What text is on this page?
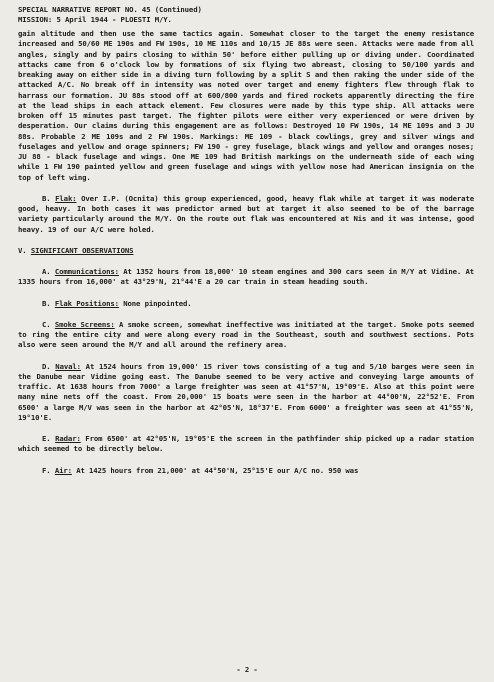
SPECIAL NARRATIVE REPORT NO. 45 (Continued)
MISSION: 5 April 1944 - PLOESTI M/Y.

gain altitude and then use the same tactics again. Somewhat closer to the target the enemy resistance increased and 50/60 ME 190s and FW 190s, 10 ME 110s and 10/15 JE 88s were seen. Attacks were made from all angles, singly and by pairs closing to within 50' before either pulling up or diving under. Coordinated attacks came from 6 o'clock low by formations of six flying two abreast, closing to 50/100 yards and breaking away on either side in a diving turn following by a split S and then raking the under side of the attacked A/C. No break off in intensity was noted over target and enemy fighters flew through flak to harrass our formation. JU 88s stood off at 600/800 yards and fired rockets apparently directing the fire at the lead ships in each attack element. Few closures were made by this type ship. All attacks were broken off 15 minutes past target. The fighter pilots were either very experienced or were driven by desperation. Our claims during this engagement are as follows: Destroyed 10 FW 190s, 14 ME 109s and 3 JU 88s. Probable 2 ME 109s and 2 FW 190s. Markings: ME 109 - black cowlings, grey and silver wings and fuselages and yellow and orage spinners; FW 190 - grey fuselage, black wings and yellow and oranges noses; JU 88 - black fuselage and wings. One ME 109 had British markings on the underneath side of each wing while 1 FW 190 painted yellow and green fuselage and wings with yellow nose had American insignia on the top of left wing.

B. Flak: Over I.P. (Ocnita) this group experienced, good, heavy flak while at target it was moderate good, heavy. In both cases it was predictor armed but at target it also seemed to be of the barrage variety particularly around the M/Y. On the route out flak was encountered at Nis and it was intense, good heavy. 19 of our A/C were holed.

V. SIGNIFICANT OBSERVATIONS

A. Communications: At 1352 hours from 18,000' 10 steam engines and 300 cars seen in M/Y at Vidine. At 1335 hours from 16,000' at 43°29'N, 21°44'E a 20 car train in steam heading south.

B. Flak Positions: None pinpointed.

C. Smoke Screens: A smoke screen, somewhat ineffective was initiated at the target. Smoke pots seemed to ring the entire city and were along every road in the Southeast, south and southwest sections. Pots also were seen around the M/Y and all around the refinery area.

D. Naval: At 1524 hours from 19,000' 15 river tows consisting of a tug and 5/10 barges were seen in the Danube near Vidine going east. The Danube seemed to be very active and conveying large amounts of traffic. At 1638 hours from 7000' a large freighter was seen at 41°57'N, 19°09'E. Also at this point were many mine nets off the coast. From 20,000' 15 boats were seen in the harbor at 44°00'N, 22°52'E. From 6500' a large M/V was seen in the harbor at 42°05'N, 18°37'E. From 6000' a freighter was seen at 41°55'N, 19°10'E.

E. Radar: From 6500' at 42°05'N, 19°05'E the screen in the pathfinder ship picked up a radar station which seemed to be directly below.

F. Air: At 1425 hours from 21,000' at 44°50'N, 25°15'E our A/C no. 950 was

- 2 -
